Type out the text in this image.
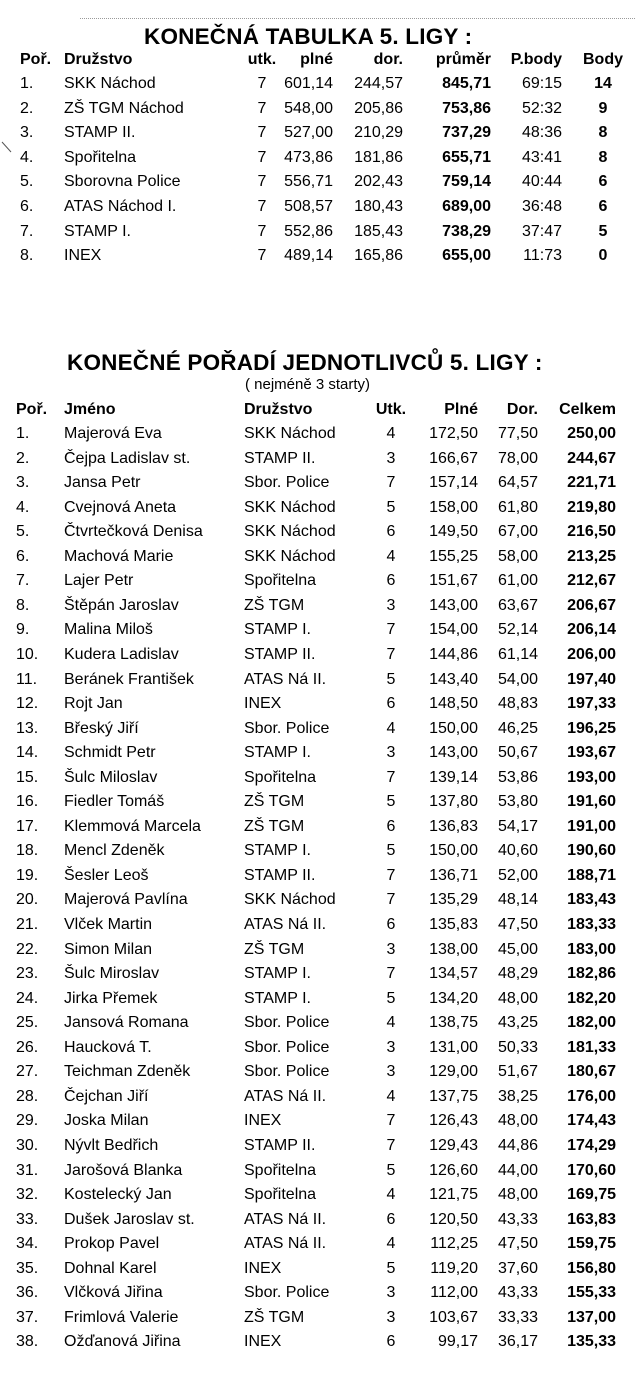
KONEČNÁ TABULKA 5. LIGY :
Poř. Družstvo	utk.	plné	dor. průměr P.body Body
1. SKK Náchod	7	601,14 244,57 845,71 69:15	14
2. ZŠ TGM Náchod	7	548,00 205,86 753,86 52:32	9
3. STAMP II.	7	527,00 210,29 737,29 48:36	8
4. Spořitelna	7	473,86 181,86 655,71 43:41	8
5. Sborovna Police	7	556,71 202,43 759,14 40:44	6
6. ATAS Náchod I.	7	508,57 180,43 689,00 36:48	6
7. STAMP I.	7	552,86 185,43 738,29 37:47	5
8. INEX	7	489,14 165,86 655,00 11:73	0
KONEČNÉ POŘADÍ JEDNOTLIVCŮ 5. LIGY :
( nejméně 3 starty)
Poř. Jméno	Družstvo	Utk.	Plné Dor. Celkem
1. Majerová Eva	SKK Náchod	4	172,50 77,50 250,00
2. Čejpa Ladislav st.	STAMP II.	3	166,67 78,00 244,67
3. Jansa Petr	Sbor. Police	7	157,14 64,57 221,71
4. Cvejnová Aneta	SKK Náchod	5	158,00 61,80 219,80
5. Čtvrtečková Denisa	SKK Náchod	6	149,50 67,00 216,50
6. Machová Marie	SKK Náchod	4	155,25 58,00 213,25
7. Lajer Petr	Spořitelna	6	151,67 61,00 212,67
8. Štěpán Jaroslav	ZŠ TGM	3	143,00 63,67 206,67
9. Malina Miloš	STAMP I.	7	154,00 52,14 206,14
10. Kudera Ladislav	STAMP II.	7	144,86 61,14 206,00
11. Beránek František	ATAS Ná II.	5	143,40 54,00 197,40
12. Rojt Jan	INEX	6	148,50 48,83 197,33
13. Břeský Jiří	Sbor. Police	4	150,00 46,25 196,25
14. Schmidt Petr	STAMP I.	3	143,00 50,67 193,67
15. Šulc Miloslav	Spořitelna	7	139,14 53,86 193,00
16. Fiedler Tomáš	ZŠ TGM	5	137,80 53,80 191,60
17. Klemmová Marcela	ZŠ TGM	6	136,83 54,17 191,00
18. Mencl Zdeněk	STAMP I.	5	150,00 40,60 190,60
19. Šesler Leoš	STAMP II.	7	136,71 52,00 188,71
20. Majerová Pavlína	SKK Náchod	7	135,29 48,14 183,43
21. Vlček Martin	ATAS Ná II.	6	135,83 47,50 183,33
22. Simon Milan	ZŠ TGM	3	138,00 45,00 183,00
23. Šulc Miroslav	STAMP I.	7	134,57 48,29 182,86
24. Jirka Přemek	STAMP I.	5	134,20 48,00 182,20
25. Jansová Romana	Sbor. Police	4	138,75 43,25 182,00
26. Haucková T.	Sbor. Police	3	131,00 50,33 181,33
27. Teichman Zdeněk	Sbor. Police	3	129,00 51,67 180,67
28. Čejchan Jiří	ATAS Ná II.	4	137,75 38,25 176,00
29. Joska Milan	INEX	7	126,43 48,00 174,43
30. Nývlt Bedřich	STAMP II.	7	129,43 44,86 174,29
31. Jarošová Blanka	Spořitelna	5	126,60 44,00 170,60
32. Kostelecký Jan	Spořitelna	4	121,75 48,00 169,75
33. Dušek Jaroslav st.	ATAS Ná II.	6	120,50 43,33 163,83
34. Prokop Pavel	ATAS Ná II.	4	112,25 47,50 159,75
35. Dohnal Karel	INEX	5	119,20 37,60 156,80
36. Vlčková Jiřina	Sbor. Police	3	112,00 43,33 155,33
37. Frimlová Valerie	ZŠ TGM	3	103,67 33,33 137,00
38. Ožďanová Jiřina	INEX	6	99,17 36,17 135,33
